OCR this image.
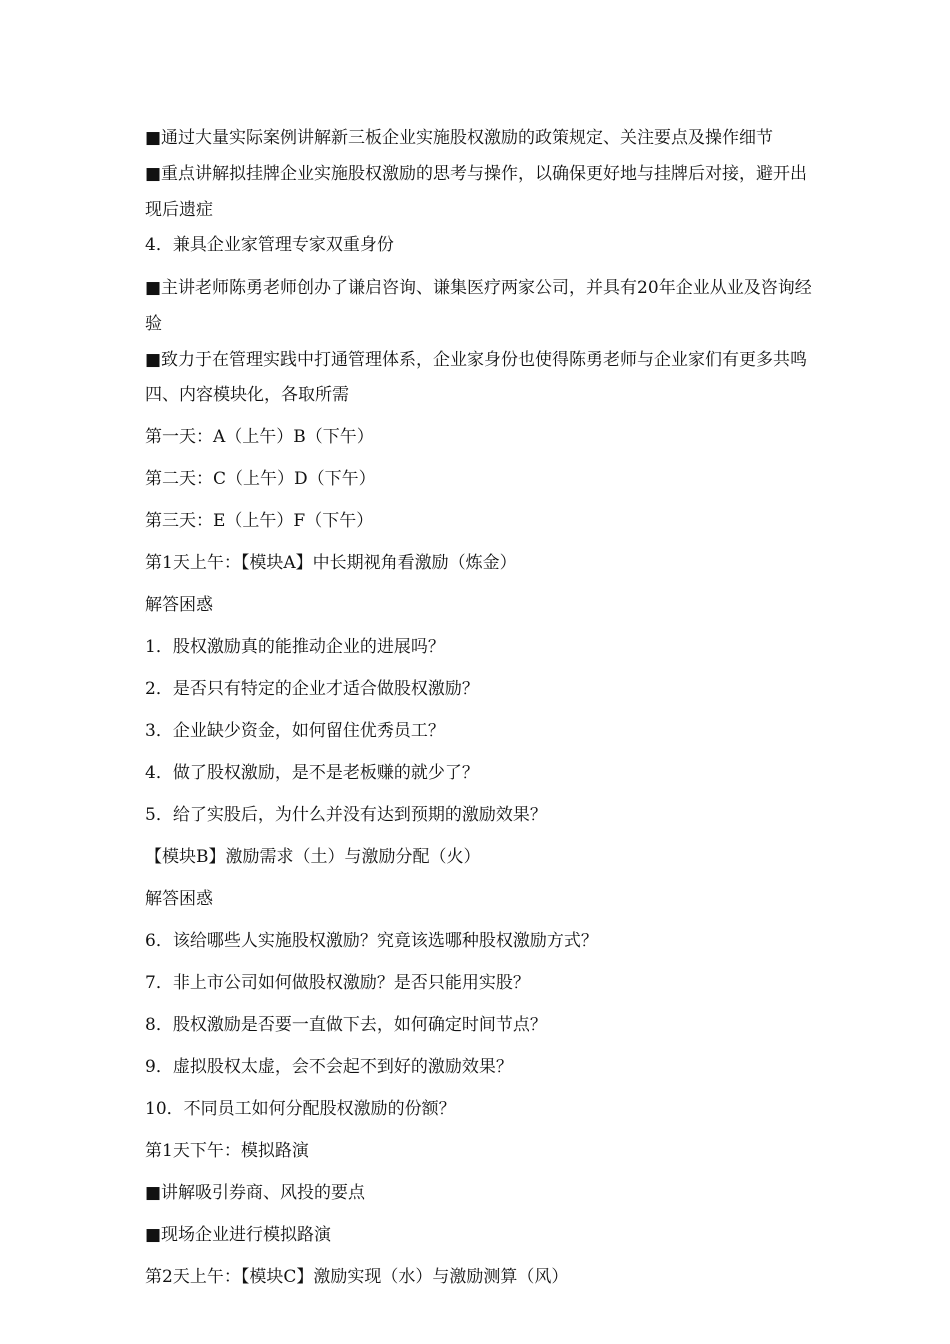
■通过大量实际案例讲解新三板企业实施股权激励的政策规定、关注要点及操作细节

■重点讲解拟挂牌企业实施股权激励的思考与操作，以确保更好地与挂牌后对接，避开出现后遗症

4．兼具企业家管理专家双重身份

■主讲老师陈勇老师创办了谦启咨询、谦集医疗两家公司，并具有20年企业从业及咨询经验

■致力于在管理实践中打通管理体系，企业家身份也使得陈勇老师与企业家们有更多共鸣

四、内容模块化，各取所需

第一天：A（上午）B（下午）

第二天：C（上午）D（下午）

第三天：E（上午）F（下午）

第1天上午：【模块A】中长期视角看激励（炼金）

解答困惑

1．股权激励真的能推动企业的进展吗？

2．是否只有特定的企业才适合做股权激励？

3．企业缺少资金，如何留住优秀员工？

4．做了股权激励，是不是老板赚的就少了？

5．给了实股后，为什么并没有达到预期的激励效果？

【模块B】激励需求（土）与激励分配（火）

解答困惑

6．该给哪些人实施股权激励？究竟该选哪种股权激励方式？

7．非上市公司如何做股权激励？是否只能用实股？

8．股权激励是否要一直做下去，如何确定时间节点？

9．虚拟股权太虚，会不会起不到好的激励效果？

10．不同员工如何分配股权激励的份额？

第1天下午：模拟路演

■讲解吸引券商、风投的要点

■现场企业进行模拟路演

第2天上午：【模块C】激励实现（水）与激励测算（风）
